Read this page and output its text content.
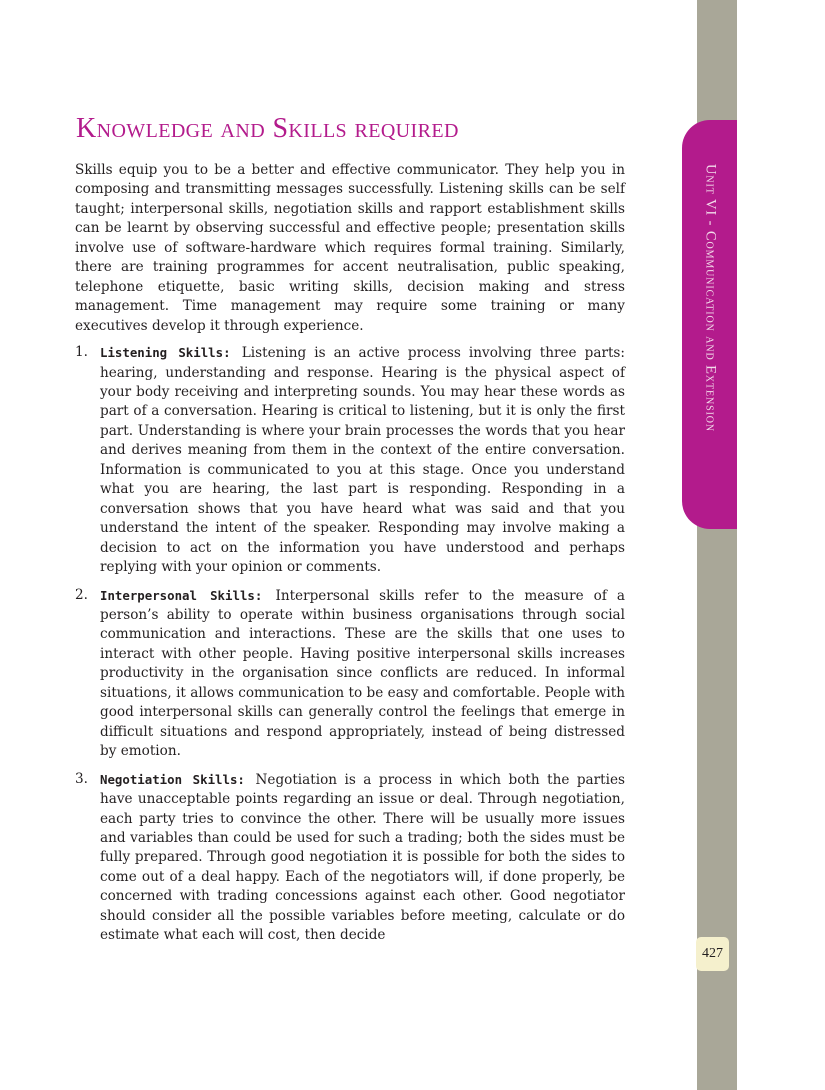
Unit VI - Communication and Extension
427
Knowledge and Skills required

Skills equip you to be a better and effective communicator. They help you in composing and transmitting messages successfully. Listening skills can be self taught; interpersonal skills, negotiation skills and rapport establishment skills can be learnt by observing successful and effective people; presentation skills involve use of software-hardware which requires formal training. Similarly, there are training programmes for accent neutralisation, public speaking, telephone etiquette, basic writing skills, decision making and stress management. Time management may require some training or many executives develop it through experience.

1. Listening Skills: Listening is an active process involving three parts: hearing, understanding and response. Hearing is the physical aspect of your body receiving and interpreting sounds. You may hear these words as part of a conversation. Hearing is critical to listening, but it is only the first part. Understanding is where your brain processes the words that you hear and derives meaning from them in the context of the entire conversation. Information is communicated to you at this stage. Once you understand what you are hearing, the last part is responding. Responding in a conversation shows that you have heard what was said and that you understand the intent of the speaker. Responding may involve making a decision to act on the information you have understood and perhaps replying with your opinion or comments.
2. Interpersonal Skills: Interpersonal skills refer to the measure of a person’s ability to operate within business organisations through social communication and interactions. These are the skills that one uses to interact with other people. Having positive interpersonal skills increases productivity in the organisation since conflicts are reduced. In informal situations, it allows communication to be easy and comfortable. People with good interpersonal skills can generally control the feelings that emerge in difficult situations and respond appropriately, instead of being distressed by emotion.
3. Negotiation Skills: Negotiation is a process in which both the parties have unacceptable points regarding an issue or deal. Through negotiation, each party tries to convince the other. There will be usually more issues and variables than could be used for such a trading; both the sides must be fully prepared. Through good negotiation it is possible for both the sides to come out of a deal happy. Each of the negotiators will, if done properly, be concerned with trading concessions against each other. Good negotiator should consider all the possible variables before meeting, calculate or do estimate what each will cost, then decide
